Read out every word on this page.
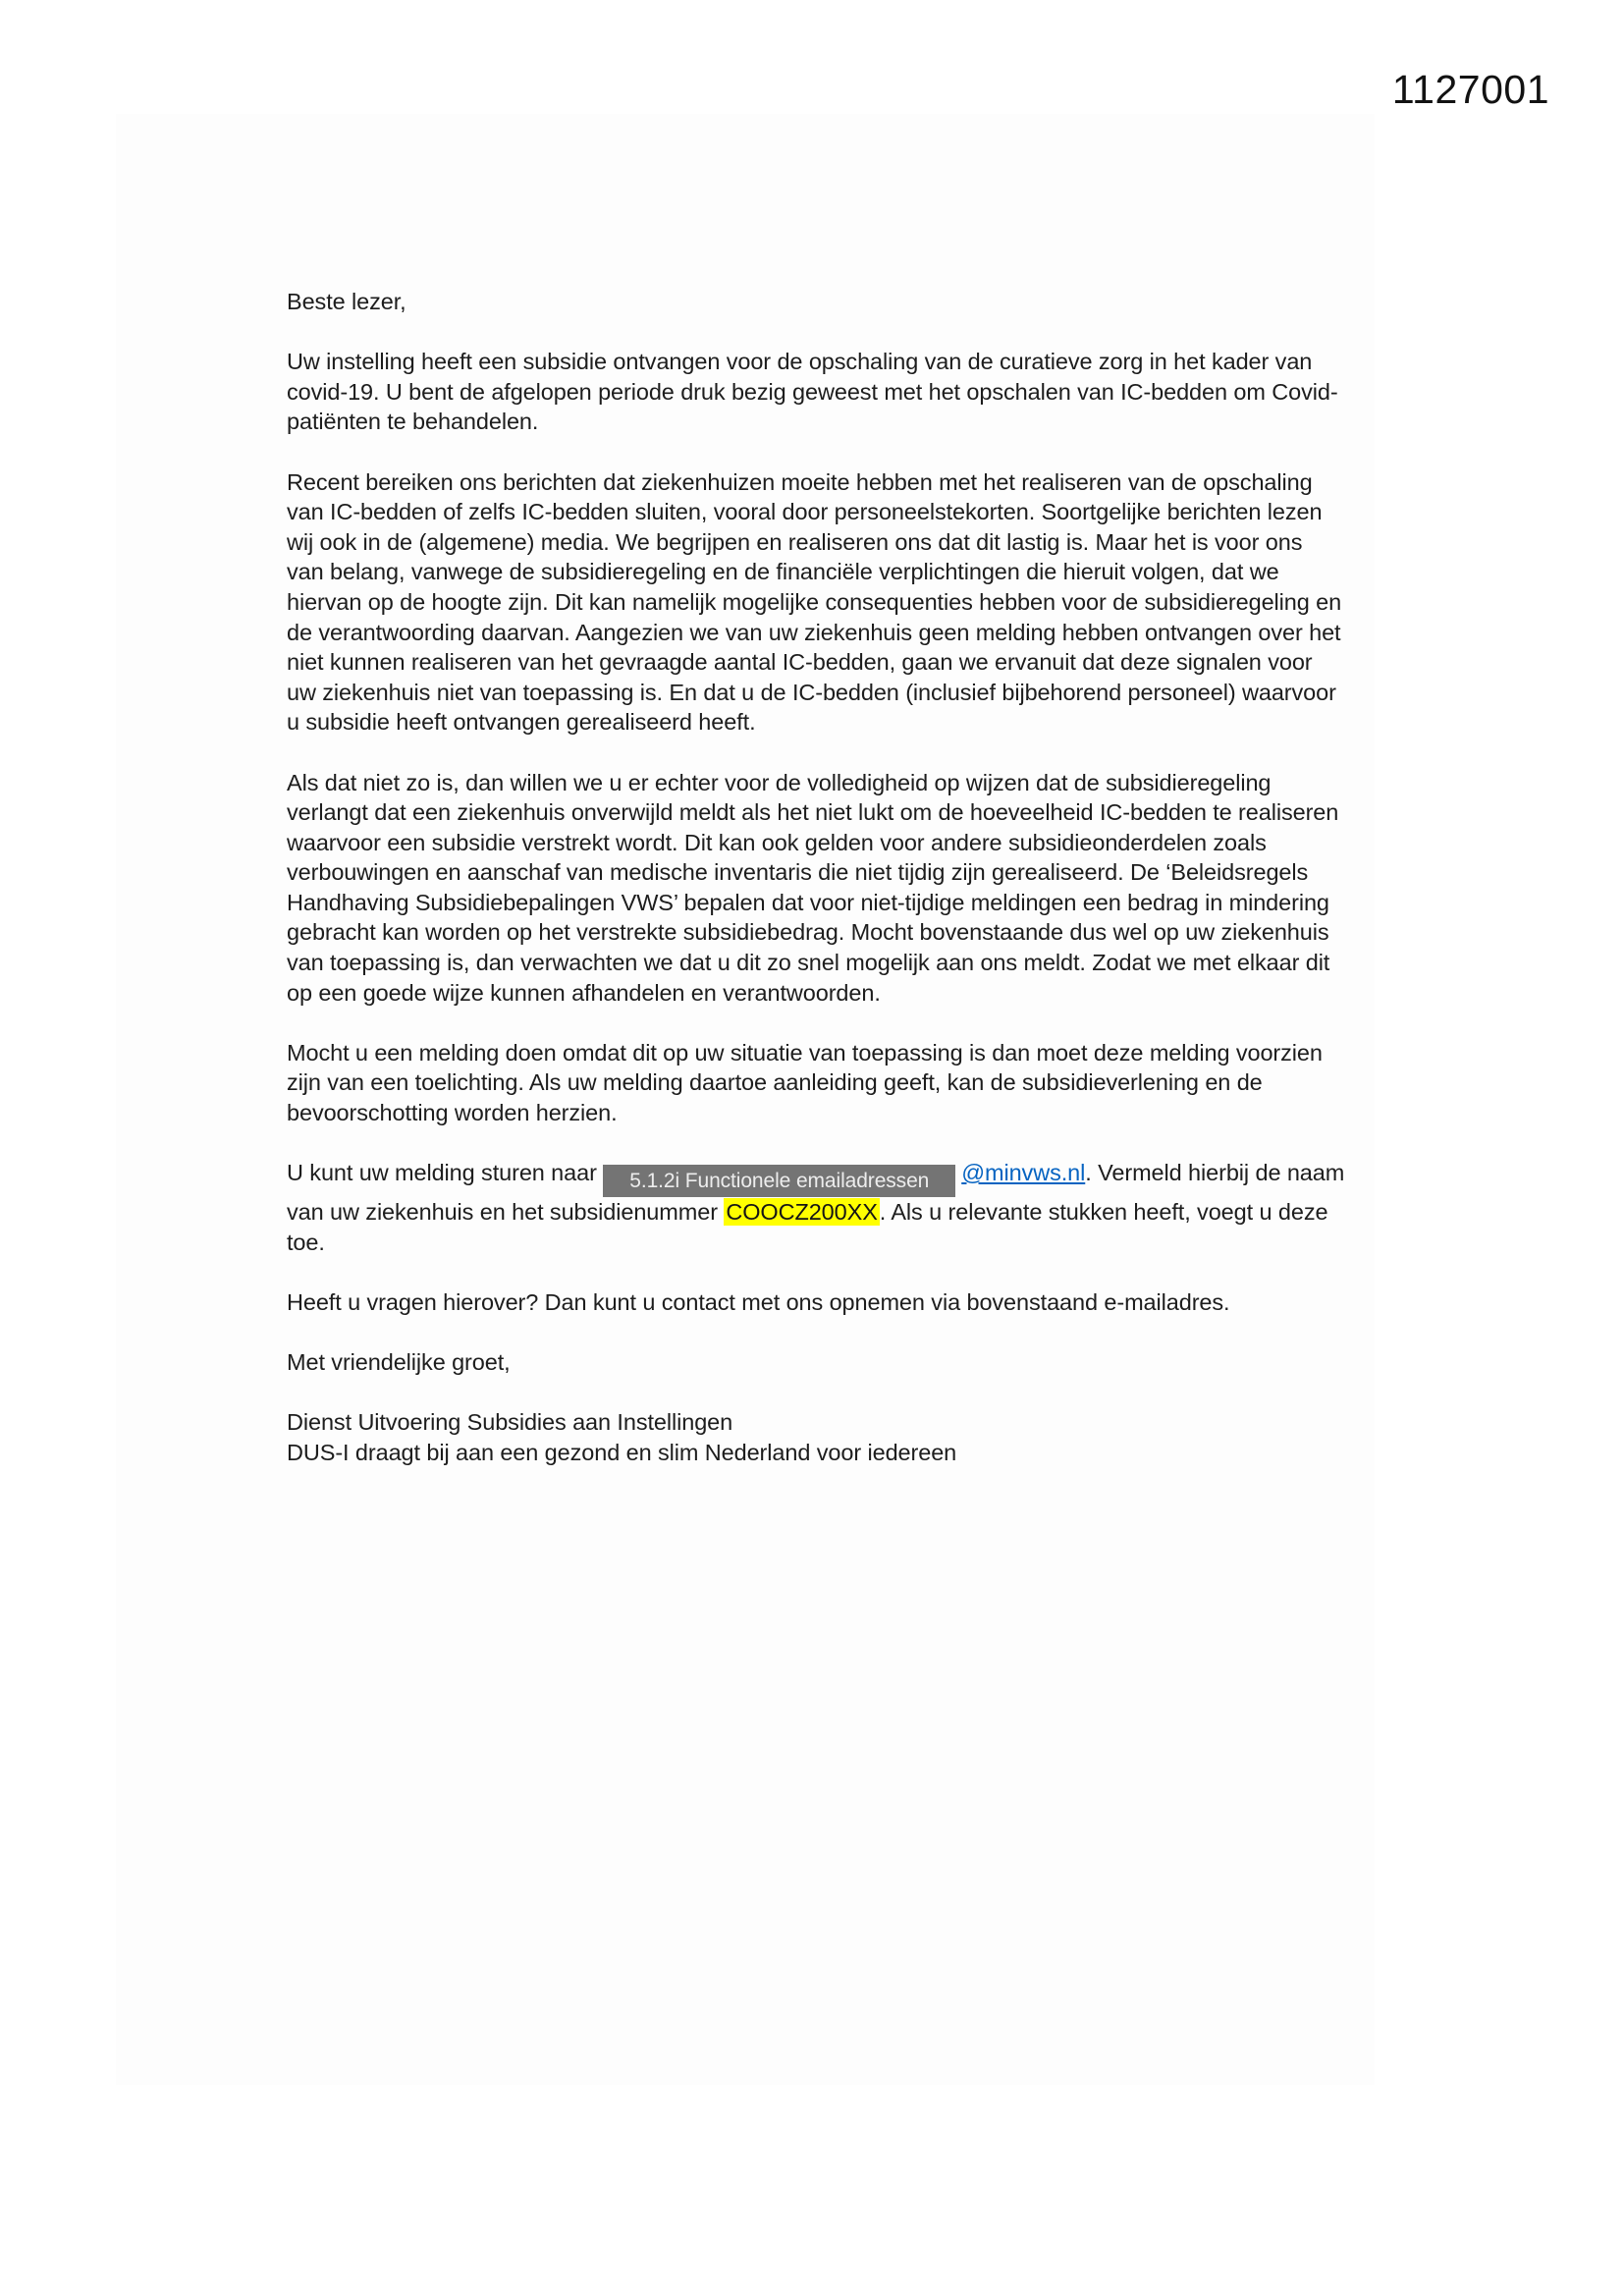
1127001

Beste lezer,

Uw instelling heeft een subsidie ontvangen voor de opschaling van de curatieve zorg in het kader van covid-19. U bent de afgelopen periode druk bezig geweest met het opschalen van IC-bedden om Covid-patiënten te behandelen.

Recent bereiken ons berichten dat ziekenhuizen moeite hebben met het realiseren van de opschaling van IC-bedden of zelfs IC-bedden sluiten, vooral door personeelstekorten. Soortgelijke berichten lezen wij ook in de (algemene) media. We begrijpen en realiseren ons dat dit lastig is. Maar het is voor ons van belang, vanwege de subsidieregeling en de financiële verplichtingen die hieruit volgen, dat we hiervan op de hoogte zijn. Dit kan namelijk mogelijke consequenties hebben voor de subsidieregeling en de verantwoording daarvan. Aangezien we van uw ziekenhuis geen melding hebben ontvangen over het niet kunnen realiseren van het gevraagde aantal IC-bedden, gaan we ervanuit dat deze signalen voor uw ziekenhuis niet van toepassing is. En dat u de IC-bedden (inclusief bijbehorend personeel) waarvoor u subsidie heeft ontvangen gerealiseerd heeft.

Als dat niet zo is, dan willen we u er echter voor de volledigheid op wijzen dat de subsidieregeling verlangt dat een ziekenhuis onverwijld meldt als het niet lukt om de hoeveelheid IC-bedden te realiseren waarvoor een subsidie verstrekt wordt. Dit kan ook gelden voor andere subsidieonderdelen zoals verbouwingen en aanschaf van medische inventaris die niet tijdig zijn gerealiseerd. De ‘Beleidsregels Handhaving Subsidiebepalingen VWS’ bepalen dat voor niet-tijdige meldingen een bedrag in mindering gebracht kan worden op het verstrekte subsidiebedrag. Mocht bovenstaande dus wel op uw ziekenhuis van toepassing is, dan verwachten we dat u dit zo snel mogelijk aan ons meldt. Zodat we met elkaar dit op een goede wijze kunnen afhandelen en verantwoorden.

Mocht u een melding doen omdat dit op uw situatie van toepassing is dan moet deze melding voorzien zijn van een toelichting. Als uw melding daartoe aanleiding geeft, kan de subsidieverlening en de bevoorschotting worden herzien.

U kunt uw melding sturen naar 5.1.2i Functionele emailadressen @minvws.nl. Vermeld hierbij de naam van uw ziekenhuis en het subsidienummer COOCZ200XX. Als u relevante stukken heeft, voegt u deze toe.

Heeft u vragen hierover? Dan kunt u contact met ons opnemen via bovenstaand e-mailadres.

Met vriendelijke groet,

Dienst Uitvoering Subsidies aan Instellingen
DUS-I draagt bij aan een gezond en slim Nederland voor iedereen
